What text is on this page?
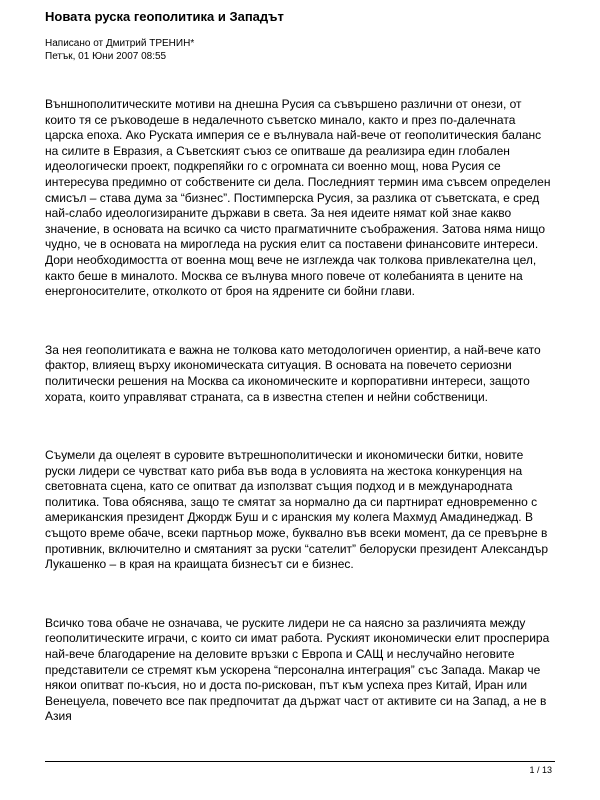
Новата руска геополитика и Западът
Написано от Дмитрий ТРЕНИН*
Петък, 01 Юни 2007 08:55

Външнополитическите мотиви на днешна Русия са съвършено различни от онези, от които тя се ръководеше в недалечното съветско минало, както и през по-далечната царска епоха. Ако Руската империя се е вълнувала най-вече от геополитическия баланс на силите в Евразия, а Съветският съюз се опитваше да реализира един глобален идеологически проект, подкрепяйки го с огромната си военно мощ, нова Русия се интересува предимно от собствените си дела. Последният термин има съвсем определен смисъл – става дума за “бизнес”. Постимперска Русия, за разлика от съветската, е сред най-слабо идеологизираните държави в света. За нея идеите нямат кой знае какво значение, в основата на всичко са чисто прагматичните съображения. Затова няма нищо чудно, че в основата на мирогледа на руския елит са поставени финансовите интереси. Дори необходимостта от военна мощ вече не изглежда чак толкова привлекателна цел, както беше в миналото. Москва се вълнува много повече от колебанията в цените на енергоносителите, отколкото от броя на ядрените си бойни глави.

За нея геополитиката е важна не толкова като методологичен ориентир, а най-вече като фактор, влияещ върху икономическата ситуация. В основата на повечето сериозни политически решения на Москва са икономическите и корпоративни интереси, защото хората, които управляват страната, са в известна степен и нейни собственици.

Съумели да оцелеят в суровите вътрешнополитически и икономически битки, новите руски лидери се чувстват като риба във вода в условията на жестока конкуренция на световната сцена, като се опитват да използват същия подход и в международната политика. Това обяснява, защо те смятат за нормално да си партнират едновременно с американския президент Джордж Буш и с иранския му колега Махмуд Амадинеджад. В същото време обаче, всеки партньор може, буквално във всеки момент, да се превърне в противник, включително и смятаният за руски “сателит” белоруски президент Александър Лукашенко – в края на краищата бизнесът си е бизнес.

Всичко това обаче не означава, че руските лидери не са наясно за различията между геополитическите играчи, с които си имат работа. Руският икономически елит просперира най-вече благодарение на деловите връзки с Европа и САЩ и неслучайно неговите представители се стремят към ускорена “персонална интеграция” със Запада. Макар че някои опитват по-късия, но и доста по-рискован, път към успеха през Китай, Иран или Венецуела, повечето все пак предпочитат да държат част от активите си на Запад, а не в Азия

1 / 13
